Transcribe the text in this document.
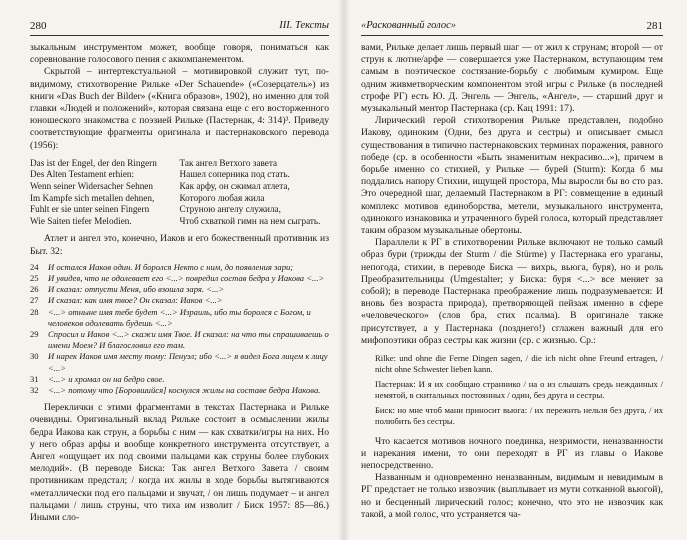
280	III. Тексты

зыкальным инструментом может, вообще говоря, пониматься как соревнование голосового пения с аккомпанементом.

Скрытой – интертекстуальной – мотивировкой служит тут, по-видимому, стихотворение Рильке «Der Schauende» («Созерцатель») из книги «Das Buch der Bilder» («Книга образов», 1902), но именно для той главки «Людей и положений», которая связана еще с его восторженного юношеского знакомства с поэзией Рильке (Пастернак, 4: 314)³. Приведу соответствующие фрагменты оригинала и пастернаковского перевода (1956):

Das ist der Engel, der den Ringern	Так ангел Ветхого завета
Des Alten Testament erhien:	Нашел соперника под стать.
Wenn seiner Widersacher Sehnen	Как арфу, он сжимал атлета,
Im Kampfe sich metallen dehnen,	Которого любая жила
Fuhlt er sie unter seinen Fingern	Струною ангелу служила,
Wie Saiten tiefer Melodien.	Чтоб схваткой гимн на нем сыграть.

Атлет и ангел это, конечно, Иаков и его божественный противник из Быт. 32:

24	И остался Иаков один. И боролся Некто с ним, до появления зари;
25	И увидев, что не одолевает его <...> повредил состав бедра у Иакова <...>
26	И сказал: отпусти Меня, ибо взошла заря. <...>
27	И сказал: как имя твое? Он сказал: Иаков <...>
28	<...> отныне имя тебе будет <...> Израиль, ибо ты боролся с Богом, и человеков одолевать будешь <...>
29	Спросил и Иаков <...> скажи имя Твое. И сказал: на что ты спрашиваешь о имени Моем? И благословил его там.
30	И нарек Иаков имя месту тому: Пенуэл; ибо <...> я видел Бога лицем к лицу <...>
31	<...> и хромал он на бедро свое.
32	<...> потому что [Боровшийся] коснулся жилы на составе бедра Иакова.

Переклички с этими фрагментами в текстах Пастернака и Рильке очевидны. Оригинальный вклад Рильке состоит в осмыслении жилы бедра Иакова как струн, а борьбы с ним — как схватки/игры на них. Но у него образ арфы и вообще конкретного инструмента отсутствует, а Ангел «ощущает их под своими пальцами как струны более глубоких мелодий». (В переводе Биска: Так ангел Ветхого Завета / своим противникам предстал; / когда их жилы в ходе борьбы вытягиваются «металлически под его пальцами и звучат, / он лишь подумает – и ангел пальцами / лишь струны, что тиха им изволит / Биск 1957: 85—86.) Иными сло-

«Раскованный голос»	281

вами, Рильке делает лишь первый шаг — от жил к струнам; второй — от струн к лютне/арфе — совершается уже Пастернаком, вступающим тем самым в поэтическое состязание-борьбу с любимым кумиром. Еще одним живметворческим компонентом этой игры с Рильке (в последней строфе РГ) есть Ю. Д. Энгель — Энгель, «Ангел», — старший друг и музыкальный ментор Пастернака (ср. Кац 1991: 17).

Лирический герой стихотворения Рильке представлен, подобно Иакову, одиноким (Одни, без друга и сестры) и описывает смысл существования в типично пастернаковских терминах поражения, равного победе (ср. в особенности «Быть знаменитым некрасиво...»), причем в борьбе именно со стихией, у Рильке — бурей (Sturm): Когда б мы поддались напору Стихии, ищущей простора, Мы выросли бы во сто раз. Это очередной шаг, делаемый Пастернаком в РГ: совмещение в единый комплекс мотивов единоборства, метели, музыкального инструмента, одинокого изнаковика и утраченного бурей голоса, который представляет таким образом музыкальные обертоны.

Параллели к РГ в стихотворении Рильке включают не только самый образ бури (трижды der Sturm / die Stürme) у Пастернака его ураганы, непогода, стихии, в переводе Биска — вихрь, вьюга, буря), но и роль Преобразительницы (Umgestalter; у Биска: буря <...> все меняет за собой); в переводе Пастернака преображение лишь подразумевается: И вновь без возраста природа), претворяющей пейзаж именно в сфере «человеческого» (слов бра, стих псалма). В оригинале также присутствует, а у Пастернака (позднего!) сглажен важный для его мифопоэтики образ сестры как жизни (ср. с жизнью. Ср.:

Rilke: und ohne die Ferne Dingen sagen, / die ich nicht ohne Freund ertragen, / nicht ohne Schwester lieben kann.

Пастернак: И я их сообщаю страннико / на о из слышать средь нежданных / немятой, в скитальных постоянных / один, без друга и сестры.

Биск: но мне чтоб мани приносит вьюга: / их пережить нельзя без друга, / их полюбить без сестры.

Что касается мотивов ночного поединка, незримости, неназванности и нарекания имени, то они переходят в РГ из главы о Иакове непосредственно.

Названным и одновременно неназванным, видимым и невидимым в РГ предстает не только извозчик (выплывает из мути сотканной вьюгой), но и бесценный лирический голос; конечно, что это не извозчик как такой, а мой голос, что устраняется ча-
